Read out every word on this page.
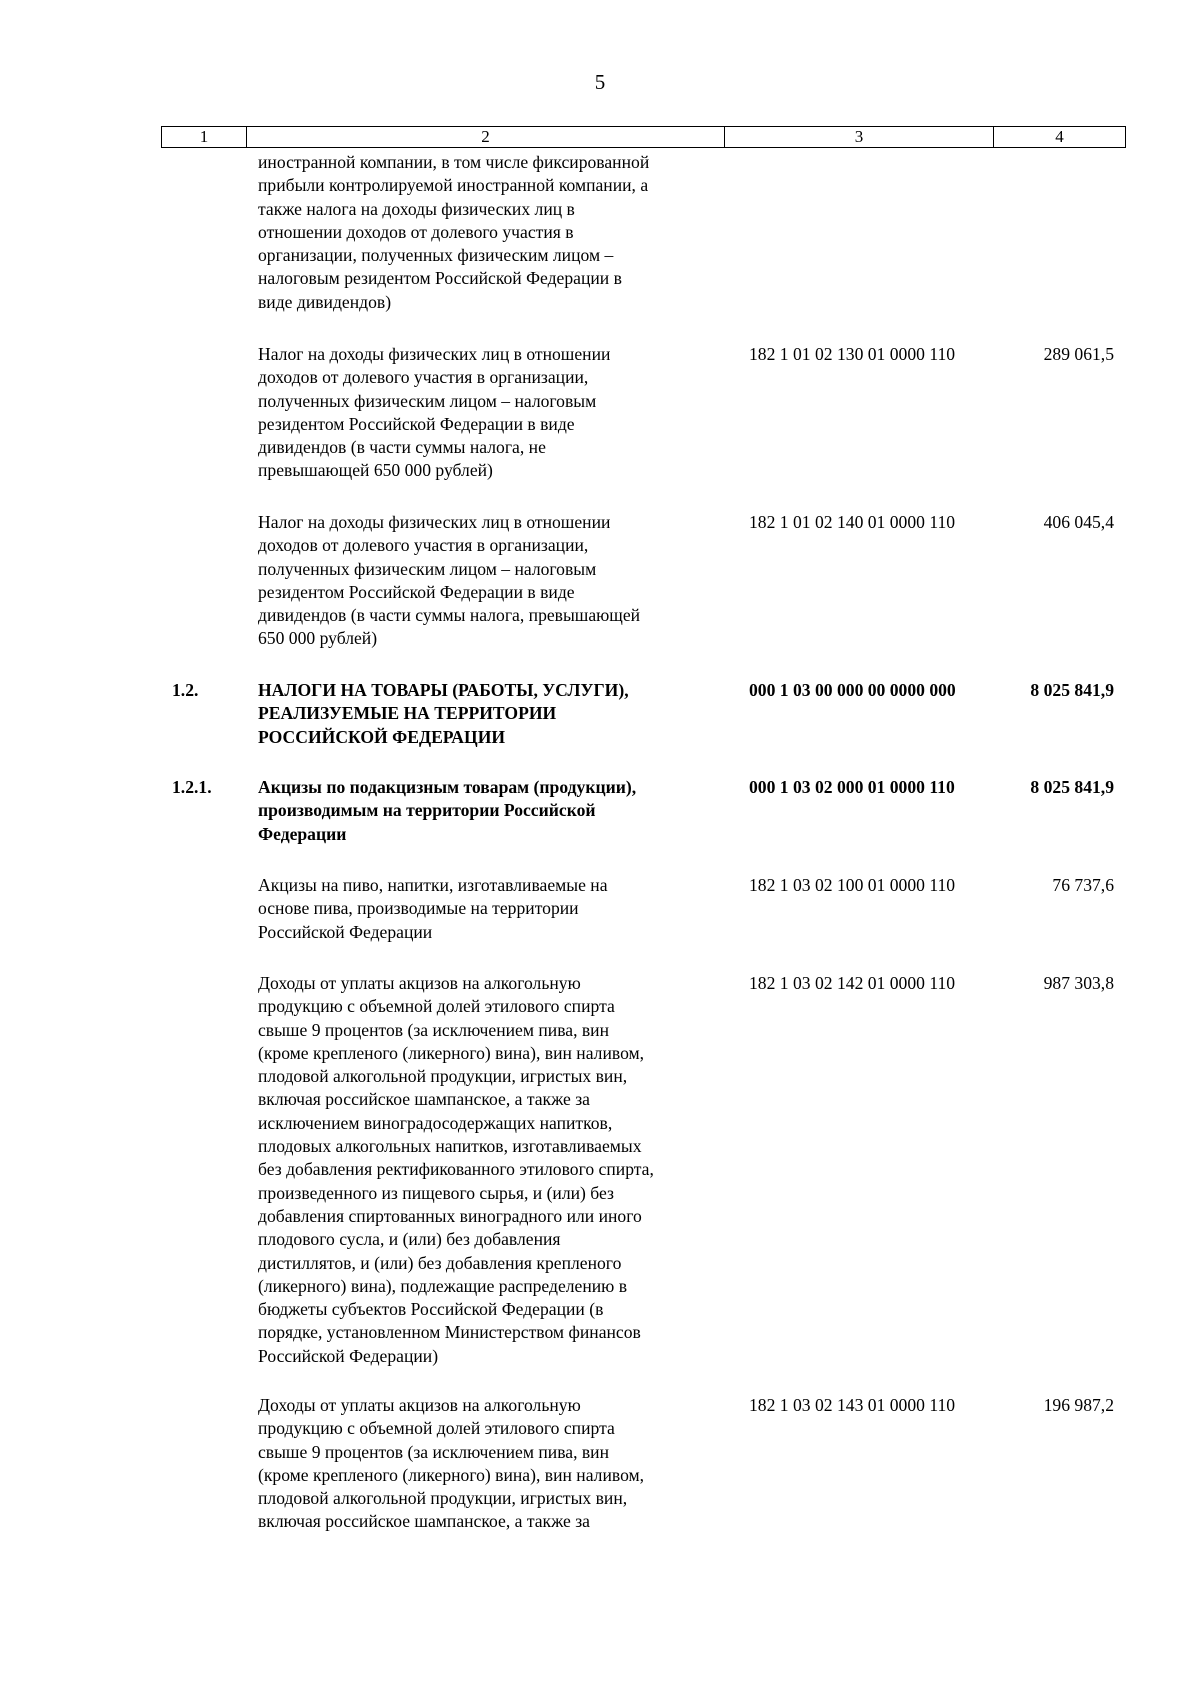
5
1	2	3	4
иностранной компании, в том числе фиксированной
прибыли контролируемой иностранной компании, а
также налога на доходы физических лиц в
отношении доходов от долевого участия в
организации, полученных физическим лицом –
налоговым резидентом Российской Федерации в
виде дивидендов)
Налог на доходы физических лиц в отношении
доходов от долевого участия в организации,
полученных физическим лицом – налоговым
резидентом Российской Федерации в виде
дивидендов (в части суммы налога, не
превышающей 650 000 рублей)
182 1 01 02 130 01 0000 110	289 061,5
Налог на доходы физических лиц в отношении
доходов от долевого участия в организации,
полученных физическим лицом – налоговым
резидентом Российской Федерации в виде
дивидендов (в части суммы налога, превышающей
650 000 рублей)
182 1 01 02 140 01 0000 110	406 045,4
1.2.	НАЛОГИ НА ТОВАРЫ (РАБОТЫ, УСЛУГИ),
РЕАЛИЗУЕМЫЕ НА ТЕРРИТОРИИ
РОССИЙСКОЙ ФЕДЕРАЦИИ
000 1 03 00 000 00 0000 000	8 025 841,9
1.2.1.	Акцизы по подакцизным товарам (продукции),
производимым на территории Российской
Федерации
000 1 03 02 000 01 0000 110	8 025 841,9
Акцизы на пиво, напитки, изготавливаемые на
основе пива, производимые на территории
Российской Федерации
182 1 03 02 100 01 0000 110	76 737,6
Доходы от уплаты акцизов на алкогольную
продукцию с объемной долей этилового спирта
свыше 9 процентов (за исключением пива, вин
(кроме крепленого (ликерного) вина), вин наливом,
плодовой алкогольной продукции, игристых вин,
включая российское шампанское, а также за
исключением виноградосодержащих напитков,
плодовых алкогольных напитков, изготавливаемых
без добавления ректификованного этилового спирта,
произведенного из пищевого сырья, и (или) без
добавления спиртованных виноградного или иного
плодового сусла, и (или) без добавления
дистиллятов, и (или) без добавления крепленого
(ликерного) вина), подлежащие распределению в
бюджеты субъектов Российской Федерации (в
порядке, установленном Министерством финансов
Российской Федерации)
182 1 03 02 142 01 0000 110	987 303,8
Доходы от уплаты акцизов на алкогольную
продукцию с объемной долей этилового спирта
свыше 9 процентов (за исключением пива, вин
(кроме крепленого (ликерного) вина), вин наливом,
плодовой алкогольной продукции, игристых вин,
включая российское шампанское, а также за
182 1 03 02 143 01 0000 110	196 987,2
